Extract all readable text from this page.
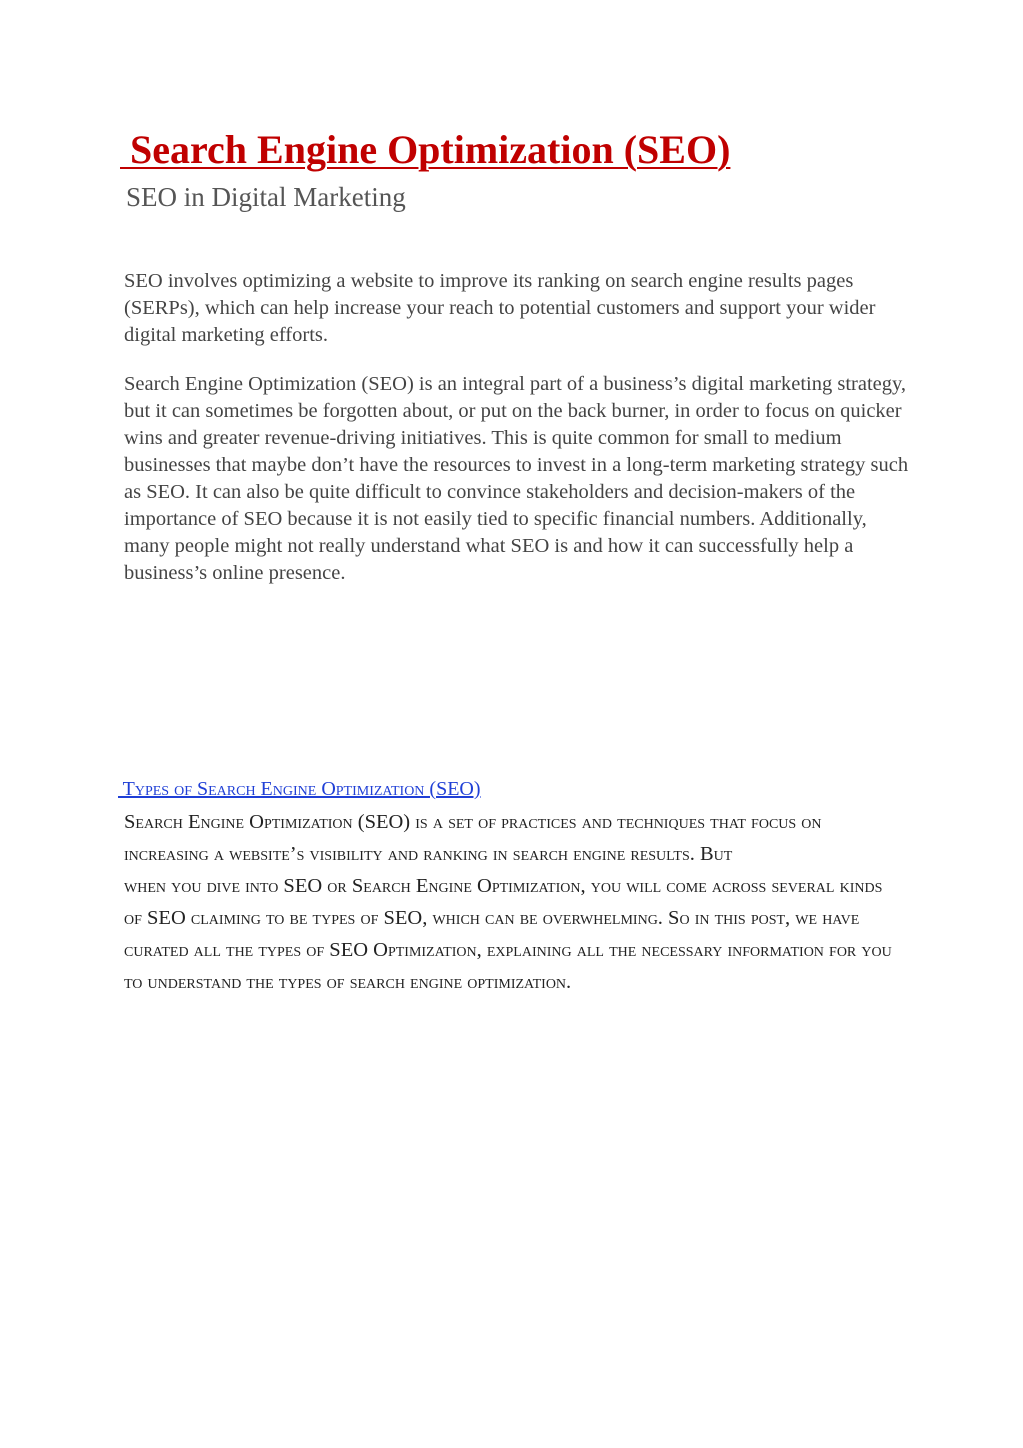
Search Engine Optimization (SEO)
SEO in Digital Marketing

SEO involves optimizing a website to improve its ranking on search engine results pages (SERPs), which can help increase your reach to potential customers and support your wider digital marketing efforts.

Search Engine Optimization (SEO) is an integral part of a business’s digital marketing strategy, but it can sometimes be forgotten about, or put on the back burner, in order to focus on quicker wins and greater revenue-driving initiatives. This is quite common for small to medium businesses that maybe don’t have the resources to invest in a long-term marketing strategy such as SEO. It can also be quite difficult to convince stakeholders and decision-makers of the importance of SEO because it is not easily tied to specific financial numbers. Additionally, many people might not really understand what SEO is and how it can successfully help a business’s online presence.

Types of Search Engine Optimization (SEO)
Search Engine Optimization (SEO) is a set of practices and techniques that focus on increasing a website’s visibility and ranking in search engine results. But
when you dive into SEO or Search Engine Optimization, you will come across several kinds of SEO claiming to be types of SEO, which can be overwhelming. So in this post, we have curated all the types of SEO Optimization, explaining all the necessary information for you to understand the types of search engine optimization.
